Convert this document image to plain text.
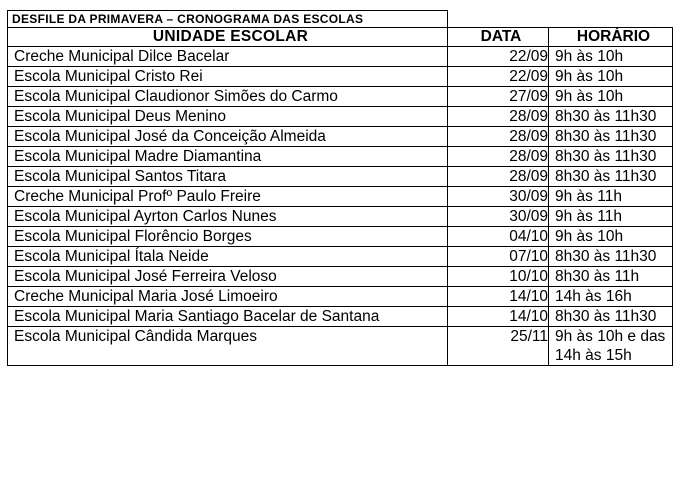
DESFILE DA PRIMAVERA – CRONOGRAMA DAS ESCOLAS
UNIDADE ESCOLAR	DATA	HORÁRIO
Creche Municipal Dilce Bacelar	22/09	9h às 10h
Escola Municipal Cristo Rei	22/09	9h às 10h
Escola Municipal Claudionor Simões do Carmo	27/09	9h às 10h
Escola Municipal Deus Menino	28/09	8h30 às 11h30
Escola Municipal José da Conceição Almeida	28/09	8h30 às 11h30
Escola Municipal Madre Diamantina	28/09	8h30 às 11h30
Escola Municipal Santos Titara	28/09	8h30 às 11h30
Creche Municipal Profº Paulo Freire	30/09	9h às 11h
Escola Municipal Ayrton Carlos Nunes	30/09	9h às 11h
Escola Municipal Florêncio Borges	04/10	9h às 10h
Escola Municipal Ítala Neide	07/10	8h30 às 11h30
Escola Municipal José Ferreira Veloso	10/10	8h30 às 11h
Creche Municipal Maria José Limoeiro	14/10	14h às 16h
Escola Municipal Maria Santiago Bacelar de Santana	14/10	8h30 às 11h30
Escola Municipal Cândida Marques	25/11	9h às 10h e das 14h às 15h
